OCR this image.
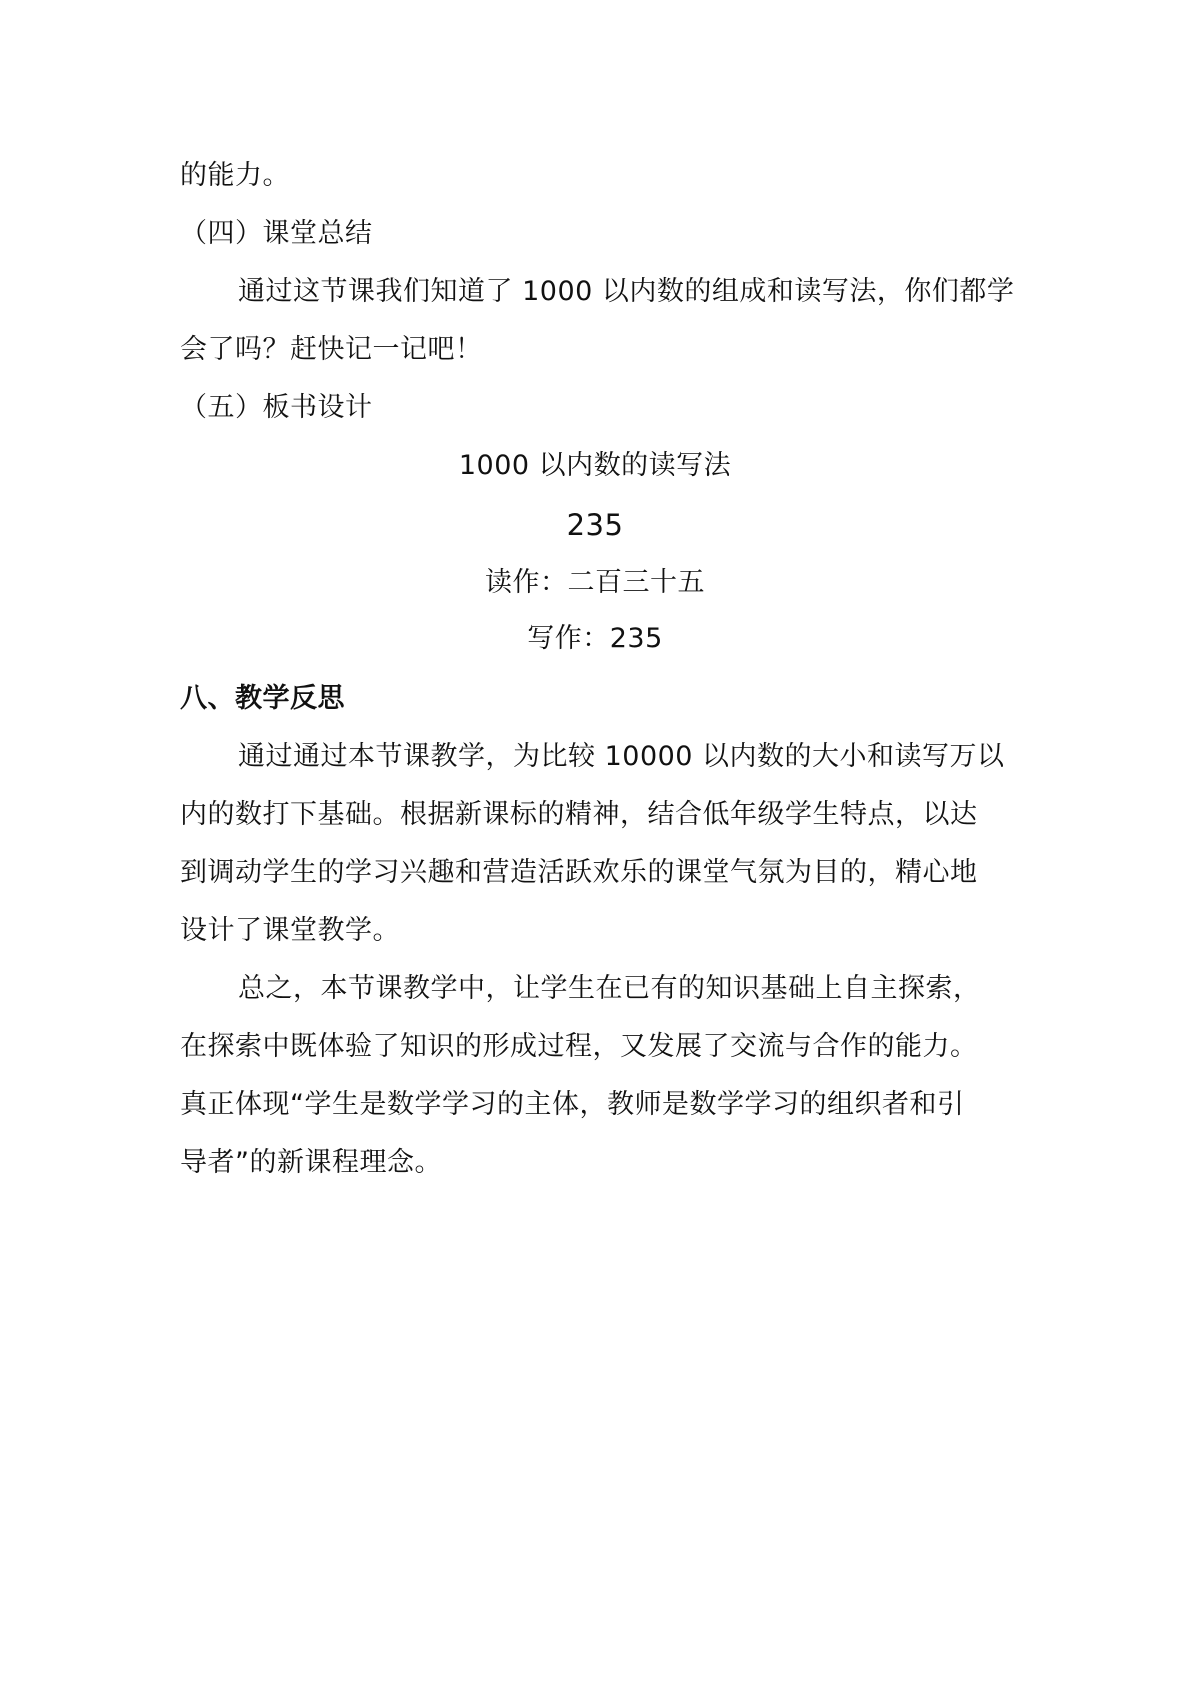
的能力。
（四）课堂总结
通过这节课我们知道了 1000 以内数的组成和读写法，你们都学
会了吗？赶快记一记吧！
（五）板书设计
1000 以内数的读写法
235
读作：二百三十五
写作：235
八、教学反思
通过通过本节课教学，为比较 10000 以内数的大小和读写万以
内的数打下基础。根据新课标的精神，结合低年级学生特点，以达
到调动学生的学习兴趣和营造活跃欢乐的课堂气氛为目的，精心地
设计了课堂教学。
总之，本节课教学中，让学生在已有的知识基础上自主探索，
在探索中既体验了知识的形成过程，又发展了交流与合作的能力。
真正体现“学生是数学学习的主体，教师是数学学习的组织者和引
导者”的新课程理念。
